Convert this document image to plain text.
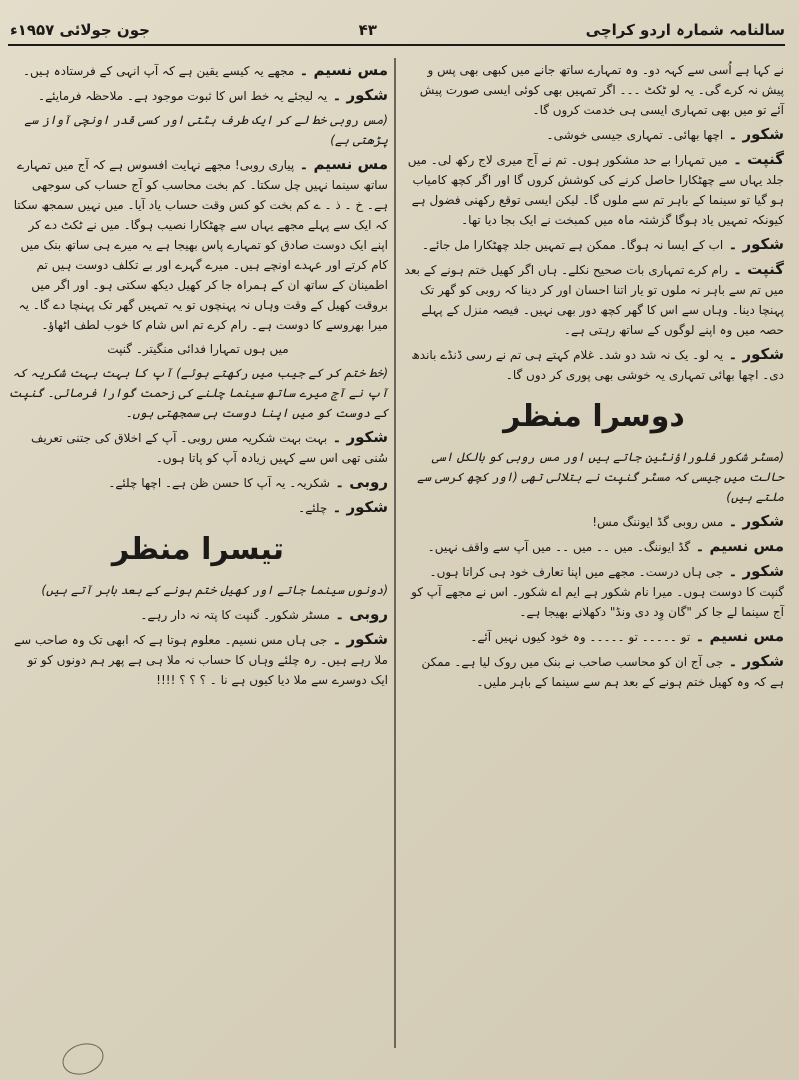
سالنامہ شمارہ اردو کراچی
۴۳
جون جولائی ۱۹۵۷ء

نے کہا ہے اُسی سے کہہ دو۔ وہ تمہارے ساتھ جانے میں کبھی بھی پس و پیش نہ کرے گی۔ یہ لو ٹکٹ ۔۔۔ اگر تمہیں بھی کوئی ایسی صورت پیش آئے تو میں بھی تمہاری ایسی ہی خدمت کروں گا۔

شکور ۔ اچھا بھائی۔ تمہاری جیسی خوشی۔

گنپت ۔ میں تمہارا بے حد مشکور ہوں۔ تم نے آج میری لاج رکھ لی۔ میں جلد یہاں سے چھٹکارا حاصل کرنے کی کوشش کروں گا اور اگر کچھ کامیاب ہو گیا تو سینما کے باہر تم سے ملوں گا۔ لیکن ایسی توقع رکھنی فضول ہے کیونکہ تمہیں یاد ہوگا گزشتہ ماہ میں کمبخت نے ایک بجا دیا تھا۔

شکور ۔ اب کے ایسا نہ ہوگا۔ ممکن ہے تمہیں جلد چھٹکارا مل جائے۔

گنپت ۔ رام کرے تمہاری بات صحیح نکلے۔ ہاں اگر کھیل ختم ہونے کے بعد میں تم سے باہر نہ ملوں تو یار اتنا احسان اور کر دینا کہ روبی کو گھر تک پہنچا دینا۔ وہاں سے اس کا گھر کچھ دور بھی نہیں۔ فیصہ منزل کے پہلے حصہ میں وہ اپنے لوگوں کے ساتھ رہتی ہے۔

شکور ۔ یہ لو۔ یک نہ شد دو شد۔ غلام کہتے ہی تم نے رسی ڈنڈے باندھ دی۔ اچھا بھائی تمہاری یہ خوشی بھی پوری کر دوں گا۔

دوسرا منظر

(مسٹر شکور فلوراؤنٹین جاتے ہیں اور مس روبی کو بالکل اسی حالت میں جیسی کہ مسٹر گنپت نے بتلائی تھی (اور کچھ کرسی سے ملتے ہیں)

شکور ۔ مس روبی گڈ ایوننگ مس!

مس نسیم ۔ گڈ ایوننگ۔ میں ۔۔ میں ۔۔ میں آپ سے واقف نہیں۔

شکور ۔ جی ہاں درست۔ مجھے میں اپنا تعارف خود ہی کراتا ہوں۔ گنپت کا دوست ہوں۔ میرا نام شکور ہے ایم اے شکور۔ اس نے مجھے آپ کو آج سینما لے جا کر "گان وِد دی ونڈ" دکھلانے بھیجا ہے۔

مس نسیم ۔ تو ۔۔۔۔۔ تو ۔۔۔۔۔ وہ خود کیوں نہیں آئے۔

شکور ۔ جی آج ان کو محاسب صاحب نے بنک میں روک لیا ہے۔ ممکن ہے کہ وہ کھیل ختم ہونے کے بعد ہم سے سینما کے باہر ملیں۔

مس نسیم ۔ مجھے یہ کیسے یقین ہے کہ آپ انہی کے فرستادہ ہیں۔

شکور ۔ یہ لیجئے یہ خط اس کا ثبوت موجود ہے۔ ملاحظہ فرمایئے۔

(مس روبی خط لے کر ایک طرف ہٹتی اور کسی قدر اونچی آواز سے پڑھتی ہے)

مس نسیم ۔ پیاری روبی! مجھے نہایت افسوس ہے کہ آج میں تمہارے ساتھ سینما نہیں چل سکتا۔ کم بخت محاسب کو آج حساب کی سوجھی ہے۔ خ ۔ ذ ۔ ے کم بخت کو کس وقت حساب یاد آیا۔ میں نہیں سمجھ سکتا کہ ایک سے پہلے مجھے یہاں سے چھٹکارا نصیب ہوگا۔ میں نے ٹکٹ دے کر اپنے ایک دوست صادق کو تمہارے پاس بھیجا ہے یہ میرے ہی ساتھ بنک میں کام کرتے اور عہدے اونچے ہیں۔ میرے گہرے اور بے تکلف دوست ہیں تم اطمینان کے ساتھ ان کے ہمراہ جا کر کھیل دیکھ سکتی ہو۔ اور اگر میں بروقت کھیل کے وقت وہاں نہ پہنچوں تو یہ تمہیں گھر تک پہنچا دے گا۔ یہ میرا بھروسے کا دوست ہے۔ رام کرے تم اس شام کا خوب لطف اٹھاؤ۔

میں ہوں تمہارا فدائی منگیتر۔ گنپت

(خط ختم کر کے جیب میں رکھتے ہوئے) آپ کا بہت بہت شکریہ کہ آپ نے آج میرے ساتھ سینما چلنے کی زحمت گوارا فرمائی۔ گنپت کے دوست کو میں اپنا دوست ہی سمجھتی ہوں۔

شکور ۔ بہت بہت شکریہ مس روبی۔ آپ کے اخلاق کی جتنی تعریف سُنی تھی اس سے کہیں زیادہ آپ کو پاتا ہوں۔

روبی ۔ شکریہ۔ یہ آپ کا حسن ظن ہے۔ اچھا چلئے۔

شکور ۔ چلئے۔

تیسرا منظر

(دونوں سینما جاتے اور کھیل ختم ہونے کے بعد باہر آتے ہیں)

روبی ۔ مسٹر شکور۔ گنپت کا پتہ نہ دار رہے۔

شکور ۔ جی ہاں مس نسیم۔ معلوم ہوتا ہے کہ ابھی تک وہ صاحب سے ملا رہے ہیں۔ رہ چلئے وہاں کا حساب نہ ملا ہی ہے پھر ہم دونوں کو تو ایک دوسرے سے ملا دیا کیوں ہے نا ۔ ؟ ؟ ؟ !!!!
